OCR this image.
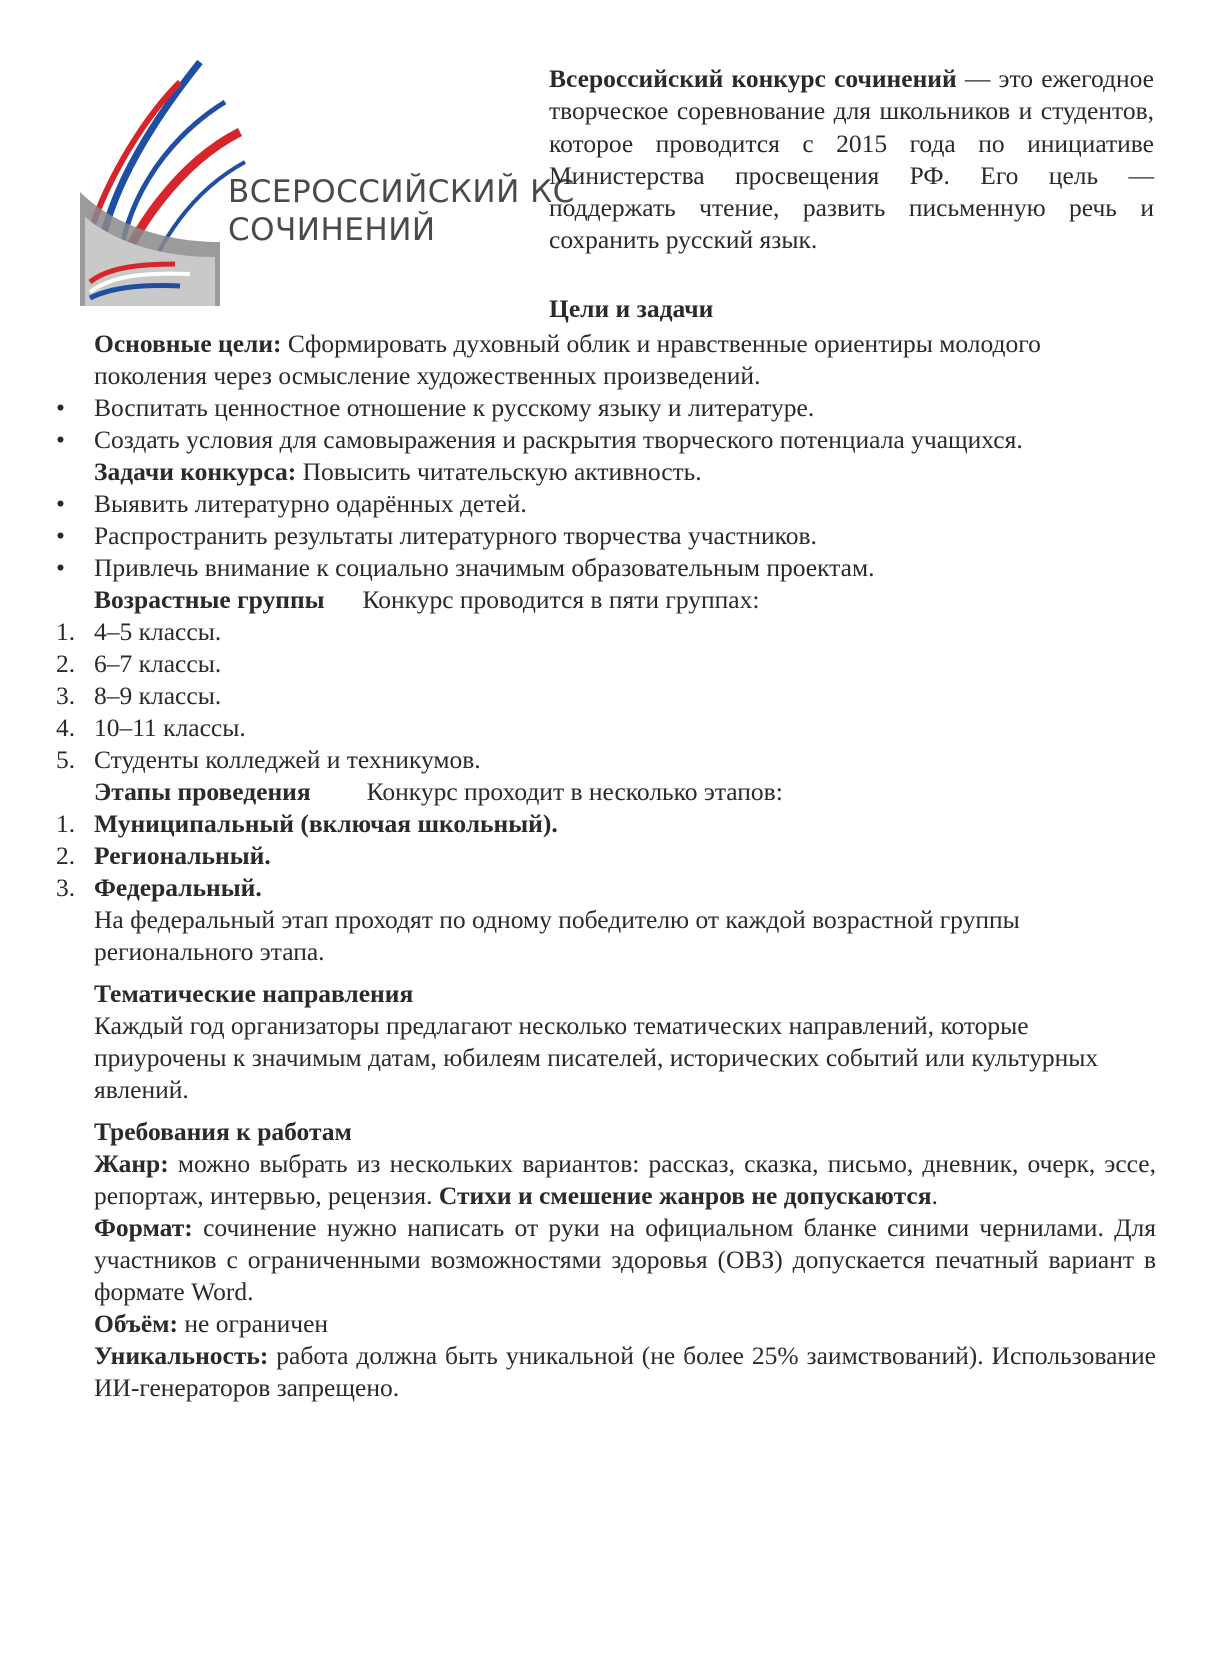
ВСЕРОССИЙСКИЙ КС
СОЧИНЕНИЙ

Всероссийский конкурс сочинений — это ежегодное творческое соревнование для школьников и студентов, которое проводится с 2015 года по инициативе Министерства просвещения РФ. Его цель — поддержать чтение, развить письменную речь и сохранить русский язык.

Цели и задачи

Основные цели: Сформировать духовный облик и нравственные ориентиры молодого поколения через осмысление художественных произведений.

•	Воспитать ценностное отношение к русскому языку и литературе.

•	Создать условия для самовыражения и раскрытия творческого потенциала учащихся.

Задачи конкурса: Повысить читательскую активность.

•	Выявить литературно одарённых детей.

•	Распространить результаты литературного творчества участников.

•	Привлечь внимание к социально значимым образовательным проектам.

Возрастные группы Конкурс проводится в пяти группах:

1. 4–5 классы.

2. 6–7 классы.

3. 8–9 классы.

4. 10–11 классы.

5. Студенты колледжей и техникумов.

Этапы проведения Конкурс проходит в несколько этапов:

1. Муниципальный (включая школьный).

2. Региональный.

3. Федеральный.

На федеральный этап проходят по одному победителю от каждой возрастной группы регионального этапа.

Тематические направления

Каждый год организаторы предлагают несколько тематических направлений, которые приурочены к значимым датам, юбилеям писателей, исторических событий или культурных явлений.

Требования к работам

Жанр: можно выбрать из нескольких вариантов: рассказ, сказка, письмо, дневник, очерк, эссе, репортаж, интервью, рецензия. Стихи и смешение жанров не допускаются.

Формат: сочинение нужно написать от руки на официальном бланке синими чернилами. Для участников с ограниченными возможностями здоровья (ОВЗ) допускается печатный вариант в формате Word.

Объём: не ограничен

Уникальность: работа должна быть уникальной (не более 25% заимствований). Использование ИИ-генераторов запрещено.
